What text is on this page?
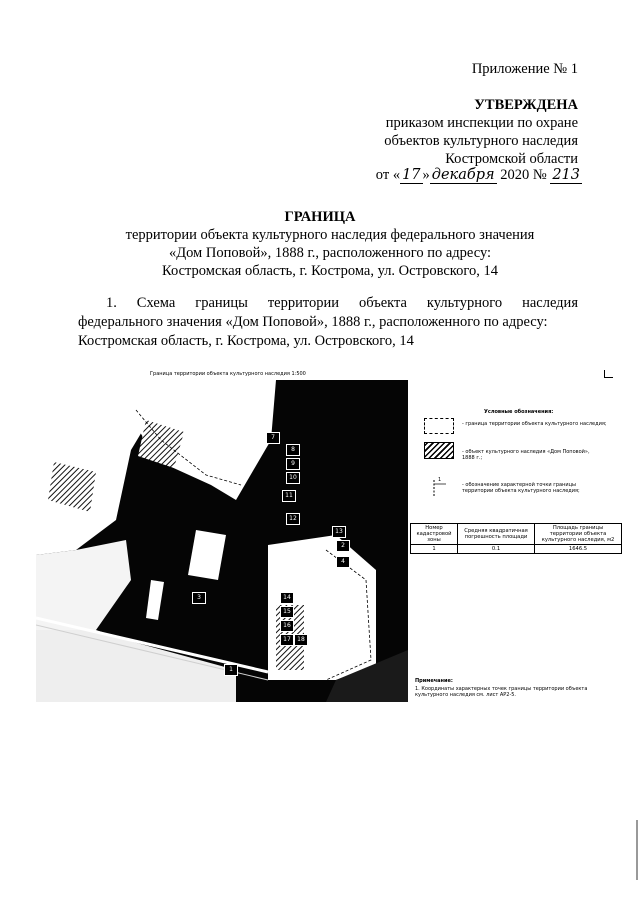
Приложение № 1
УТВЕРЖДЕНА
приказом инспекции по охране
объектов культурного наследия
Костромской области
от « 17 » декабря 2020 № 213
ГРАНИЦА
территории объекта культурного наследия федерального значения
«Дом Поповой», 1888 г., расположенного по адресу:
Костромская область, г. Кострома, ул. Островского, 14
1. Схема границы территории объекта культурного наследия
федерального значения «Дом Поповой», 1888 г., расположенного по адресу:
Костромская область, г. Кострома, ул. Островского, 14
Граница территории объекта культурного наследия 1:500
7
8
9
10
11
12
13
14
15
16
17	18
3
1
2
4
Условные обозначения:
- граница территории объекта культурного наследия;
- объект культурного наследия «Дом Поповой», 1888 г.;
1
- обозначение характерной точки границы территории объекта культурного наследия;
Номер кадастровой зоны	Средняя квадратичная погрешность площади	Площадь границы территории объекта культурного наследия, м2
1	0.1	1646.5
Примечание:
1. Координаты характерных точек границы территории объекта культурного наследия см. лист АР2-5.
